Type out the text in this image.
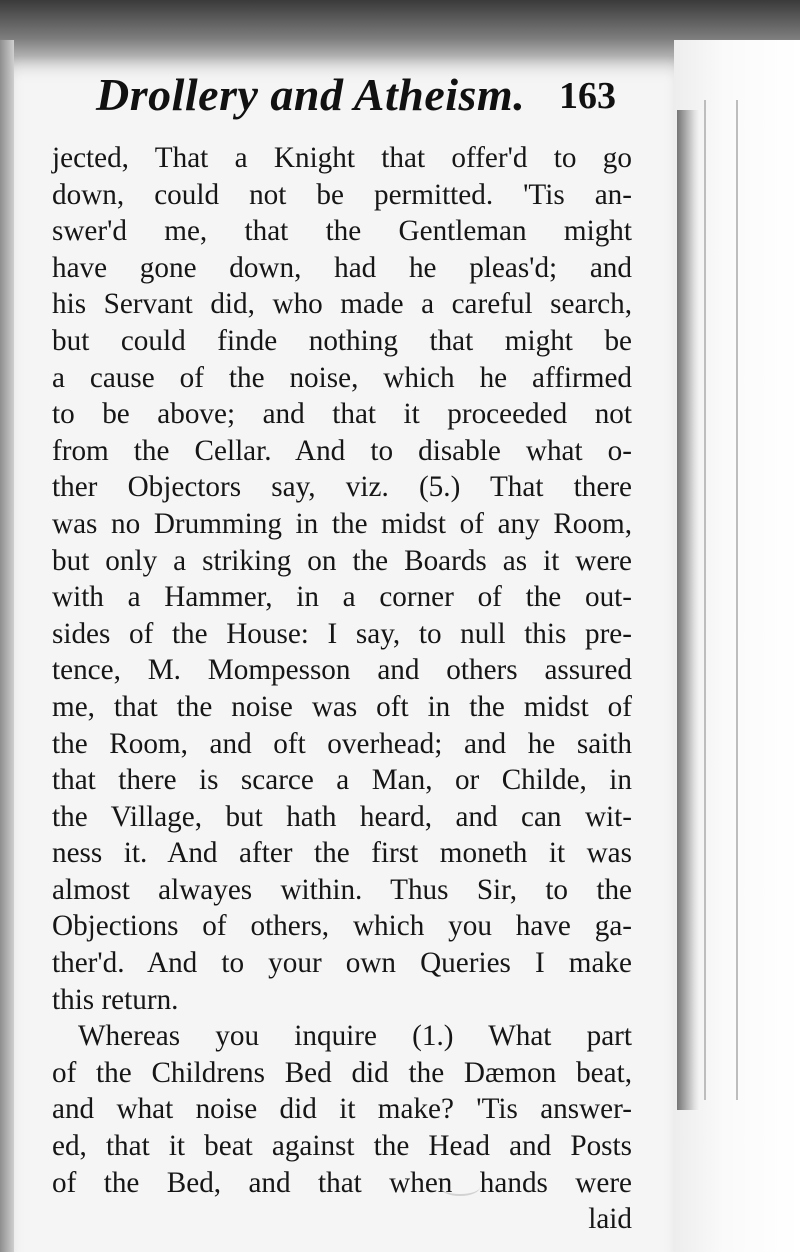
Drollery and Atheism. 163
jected, That a Knight that offer'd to go
down, could not be permitted. 'Tis an-
swer'd me, that the Gentleman might
have gone down, had he pleas'd; and
his Servant did, who made a careful search,
but could finde nothing that might be
a cause of the noise, which he affirmed
to be above; and that it proceeded not
from the Cellar. And to disable what o-
ther Objectors say, viz. (5.) That there
was no Drumming in the midst of any Room,
but only a striking on the Boards as it were
with a Hammer, in a corner of the out-
sides of the House: I say, to null this pre-
tence, M. Mompesson and others assured
me, that the noise was oft in the midst of
the Room, and oft overhead; and he saith
that there is scarce a Man, or Childe, in
the Village, but hath heard, and can wit-
ness it. And after the first moneth it was
almost alwayes within. Thus Sir, to the
Objections of others, which you have ga-
ther'd. And to your own Queries I make
this return.
Whereas you inquire (1.) What part
of the Childrens Bed did the Dæmon beat,
and what noise did it make? 'Tis answer-
ed, that it beat against the Head and Posts
of the Bed, and that when hands were
laid
